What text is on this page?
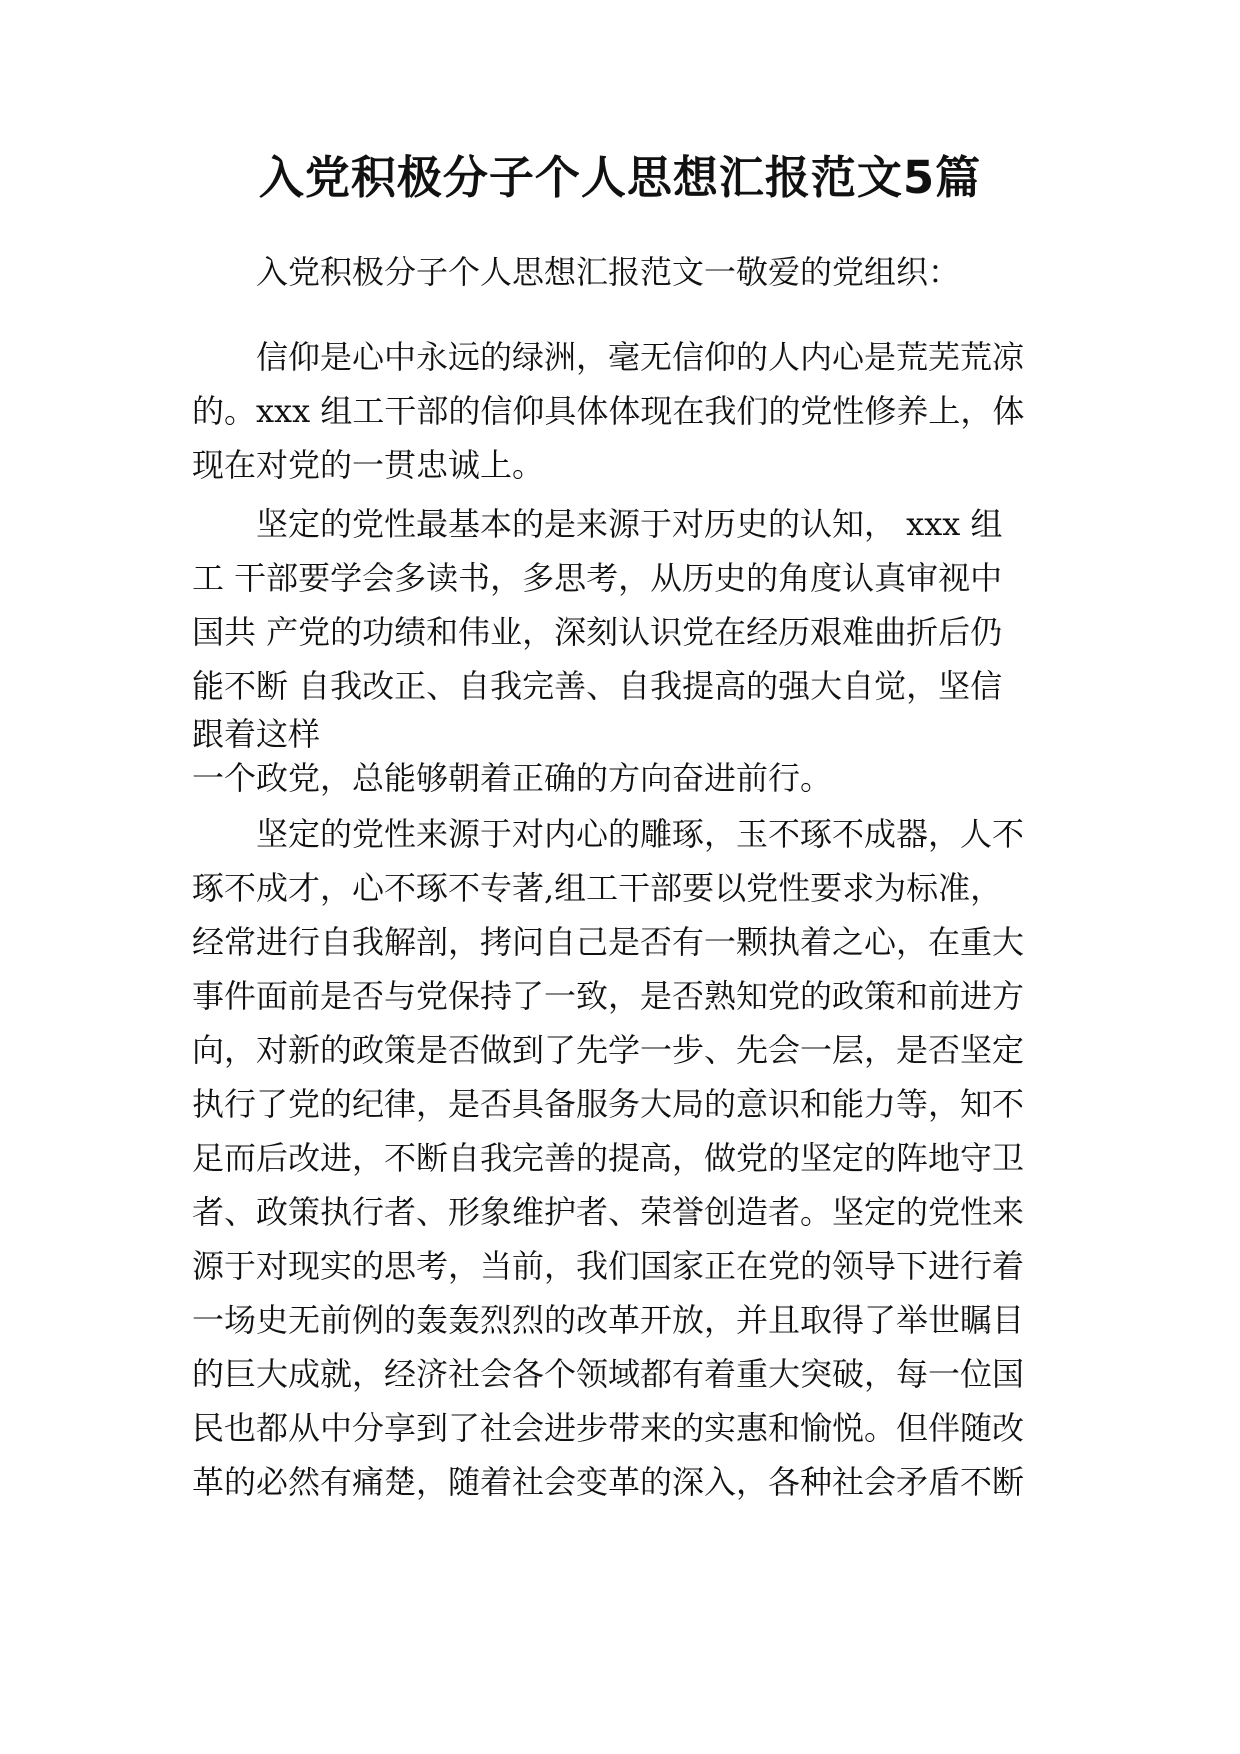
入党积极分子个人思想汇报范文5篇
入党积极分子个人思想汇报范文一敬爱的党组织：
信仰是心中永远的绿洲，毫无信仰的人内心是荒芜荒凉
的。xxx 组工干部的信仰具体体现在我们的党性修养上，体
现在对党的一贯忠诚上。
坚定的党性最基本的是来源于对历史的认知， xxx 组
工 干部要学会多读书，多思考，从历史的角度认真审视中
国共 产党的功绩和伟业，深刻认识党在经历艰难曲折后仍
能不断 自我改正、自我完善、自我提高的强大自觉，坚信
跟着这样
一个政党，总能够朝着正确的方向奋进前行。
坚定的党性来源于对内心的雕琢，玉不琢不成器，人不
琢不成才，心不琢不专著,组工干部要以党性要求为标准，
经常进行自我解剖，拷问自己是否有一颗执着之心，在重大
事件面前是否与党保持了一致，是否熟知党的政策和前进方
向，对新的政策是否做到了先学一步、先会一层，是否坚定
执行了党的纪律，是否具备服务大局的意识和能力等，知不
足而后改进，不断自我完善的提高，做党的坚定的阵地守卫
者、政策执行者、形象维护者、荣誉创造者。坚定的党性来
源于对现实的思考，当前，我们国家正在党的领导下进行着
一场史无前例的轰轰烈烈的改革开放，并且取得了举世瞩目
的巨大成就，经济社会各个领域都有着重大突破，每一位国
民也都从中分享到了社会进步带来的实惠和愉悦。但伴随改
革的必然有痛楚，随着社会变革的深入，各种社会矛盾不断
